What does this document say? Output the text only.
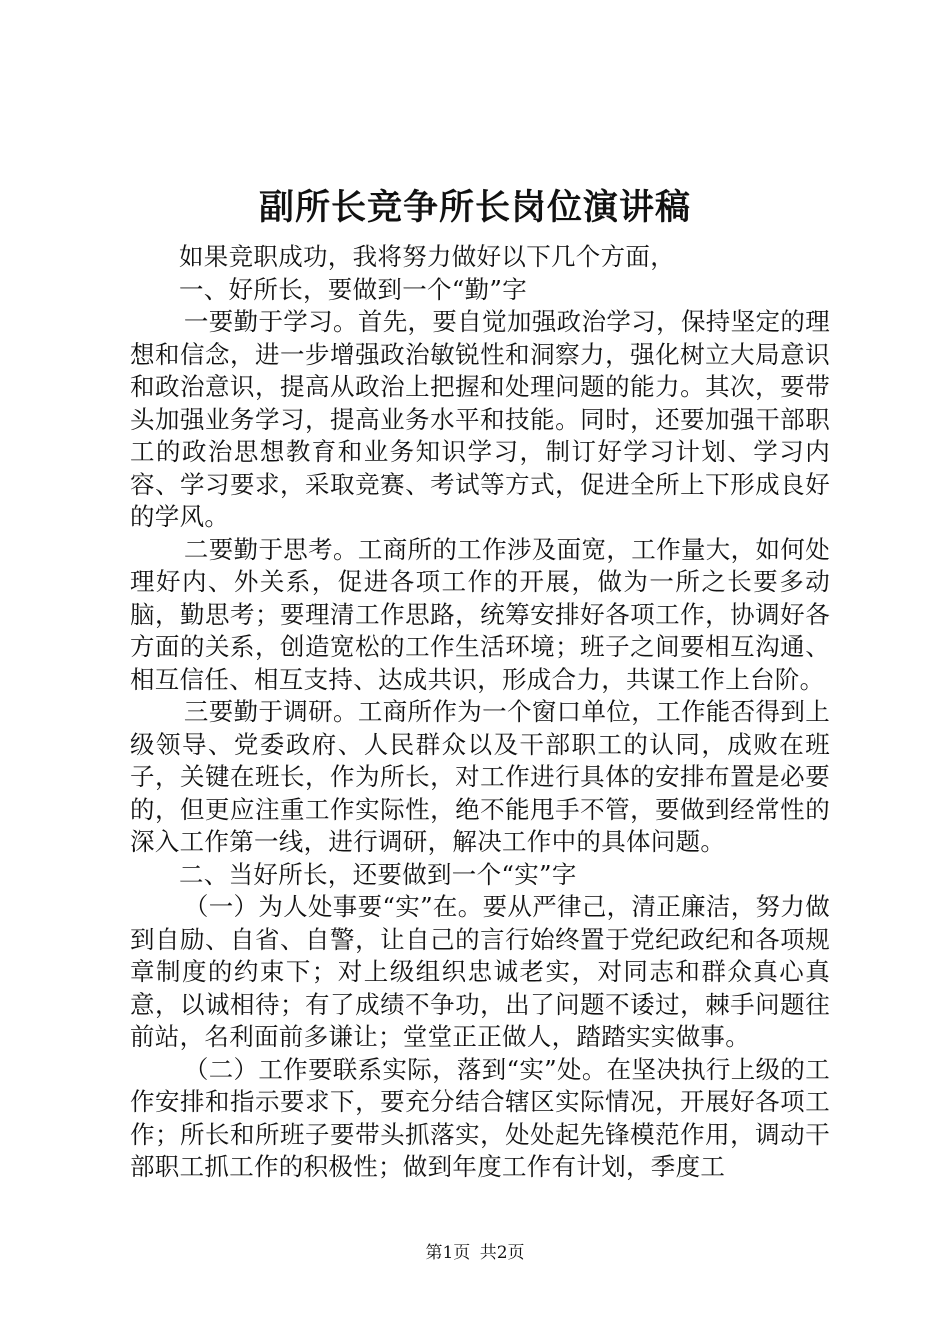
副所长竞争所长岗位演讲稿

如果竞职成功，我将努力做好以下几个方面，

一、好所长，要做到一个“勤”字

一要勤于学习。首先，要自觉加强政治学习，保持坚定的理想和信念，进一步增强政治敏锐性和洞察力，强化树立大局意识和政治意识，提高从政治上把握和处理问题的能力。其次，要带头加强业务学习，提高业务水平和技能。同时，还要加强干部职工的政治思想教育和业务知识学习，制订好学习计划、学习内容、学习要求，采取竞赛、考试等方式，促进全所上下形成良好的学风。

二要勤于思考。工商所的工作涉及面宽，工作量大，如何处理好内、外关系，促进各项工作的开展，做为一所之长要多动脑，勤思考；要理清工作思路，统筹安排好各项工作，协调好各方面的关系，创造宽松的工作生活环境；班子之间要相互沟通、相互信任、相互支持、达成共识，形成合力，共谋工作上台阶。

三要勤于调研。工商所作为一个窗口单位，工作能否得到上级领导、党委政府、人民群众以及干部职工的认同，成败在班子，关键在班长，作为所长，对工作进行具体的安排布置是必要的，但更应注重工作实际性，绝不能甩手不管，要做到经常性的深入工作第一线，进行调研，解决工作中的具体问题。

二、当好所长，还要做到一个“实”字

（一）为人处事要“实”在。要从严律己，清正廉洁，努力做到自励、自省、自警，让自己的言行始终置于党纪政纪和各项规章制度的约束下；对上级组织忠诚老实，对同志和群众真心真意，以诚相待；有了成绩不争功，出了问题不诿过，棘手问题往前站，名利面前多谦让；堂堂正正做人，踏踏实实做事。

（二）工作要联系实际，落到“实”处。在坚决执行上级的工作安排和指示要求下，要充分结合辖区实际情况，开展好各项工作；所长和所班子要带头抓落实，处处起先锋模范作用，调动干部职工抓工作的积极性；做到年度工作有计划，季度工

第1页 共2页
